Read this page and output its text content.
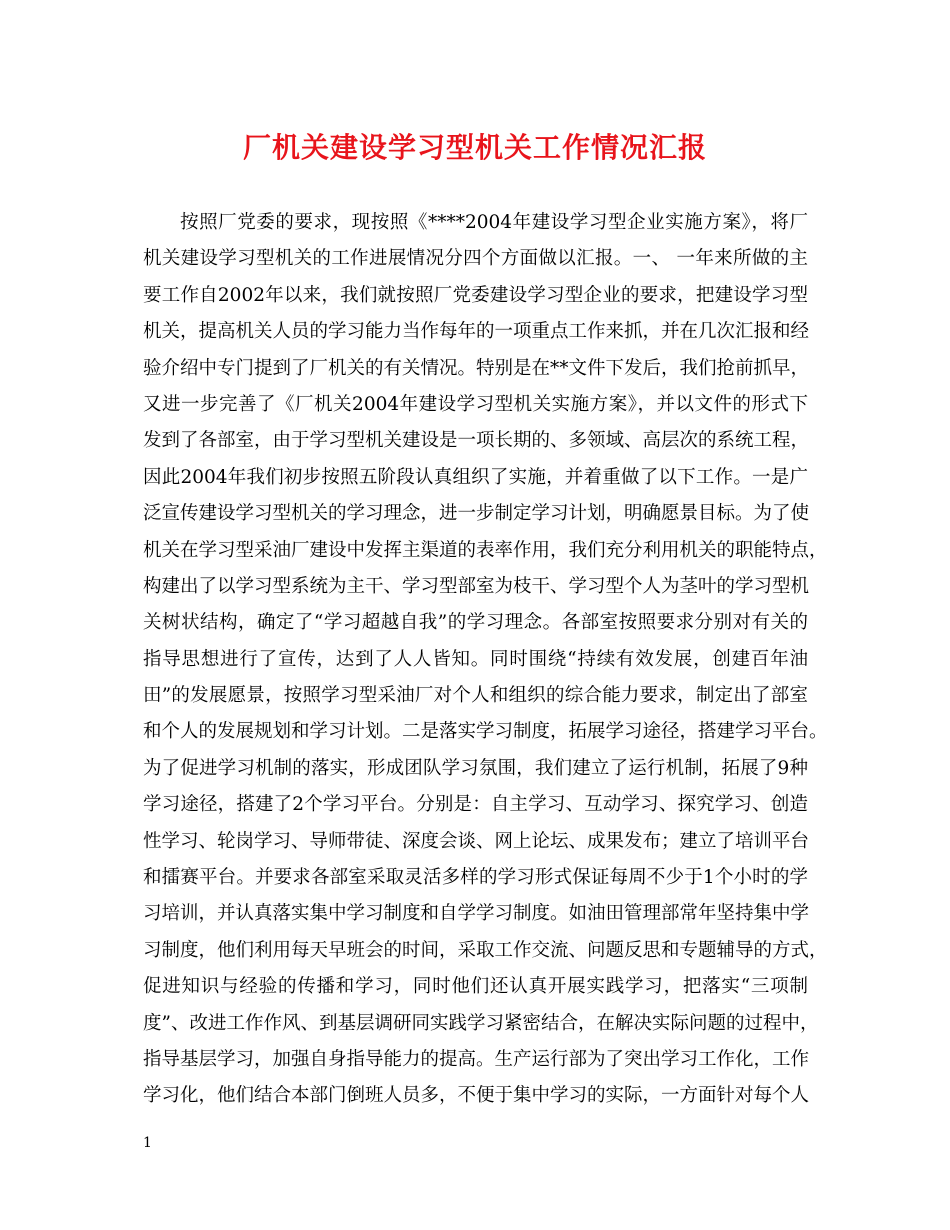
厂机关建设学习型机关工作情况汇报
按照厂党委的要求，现按照《****2004年建设学习型企业实施方案》，将厂
机关建设学习型机关的工作进展情况分四个方面做以汇报。一、 一年来所做的主
要工作自2002年以来，我们就按照厂党委建设学习型企业的要求，把建设学习型
机关，提高机关人员的学习能力当作每年的一项重点工作来抓，并在几次汇报和经
验介绍中专门提到了厂机关的有关情况。特别是在**文件下发后，我们抢前抓早，
又进一步完善了《厂机关2004年建设学习型机关实施方案》，并以文件的形式下
发到了各部室，由于学习型机关建设是一项长期的、多领域、高层次的系统工程，
因此2004年我们初步按照五阶段认真组织了实施，并着重做了以下工作。一是广
泛宣传建设学习型机关的学习理念，进一步制定学习计划，明确愿景目标。为了使
机关在学习型采油厂建设中发挥主渠道的表率作用，我们充分利用机关的职能特点，
构建出了以学习型系统为主干、学习型部室为枝干、学习型个人为茎叶的学习型机
关树状结构，确定了“学习超越自我”的学习理念。各部室按照要求分别对有关的
指导思想进行了宣传，达到了人人皆知。同时围绕“持续有效发展，创建百年油
田”的发展愿景，按照学习型采油厂对个人和组织的综合能力要求，制定出了部室
和个人的发展规划和学习计划。二是落实学习制度，拓展学习途径，搭建学习平台。
为了促进学习机制的落实，形成团队学习氛围，我们建立了运行机制，拓展了9种
学习途径，搭建了2个学习平台。分别是：自主学习、互动学习、探究学习、创造
性学习、轮岗学习、导师带徒、深度会谈、网上论坛、成果发布；建立了培训平台
和擂赛平台。并要求各部室采取灵活多样的学习形式保证每周不少于1个小时的学
习培训，并认真落实集中学习制度和自学学习制度。如油田管理部常年坚持集中学
习制度，他们利用每天早班会的时间，采取工作交流、问题反思和专题辅导的方式，
促进知识与经验的传播和学习，同时他们还认真开展实践学习，把落实“三项制
度”、改进工作作风、到基层调研同实践学习紧密结合，在解决实际问题的过程中，
指导基层学习，加强自身指导能力的提高。生产运行部为了突出学习工作化，工作
学习化，他们结合本部门倒班人员多，不便于集中学习的实际，一方面针对每个人
1
